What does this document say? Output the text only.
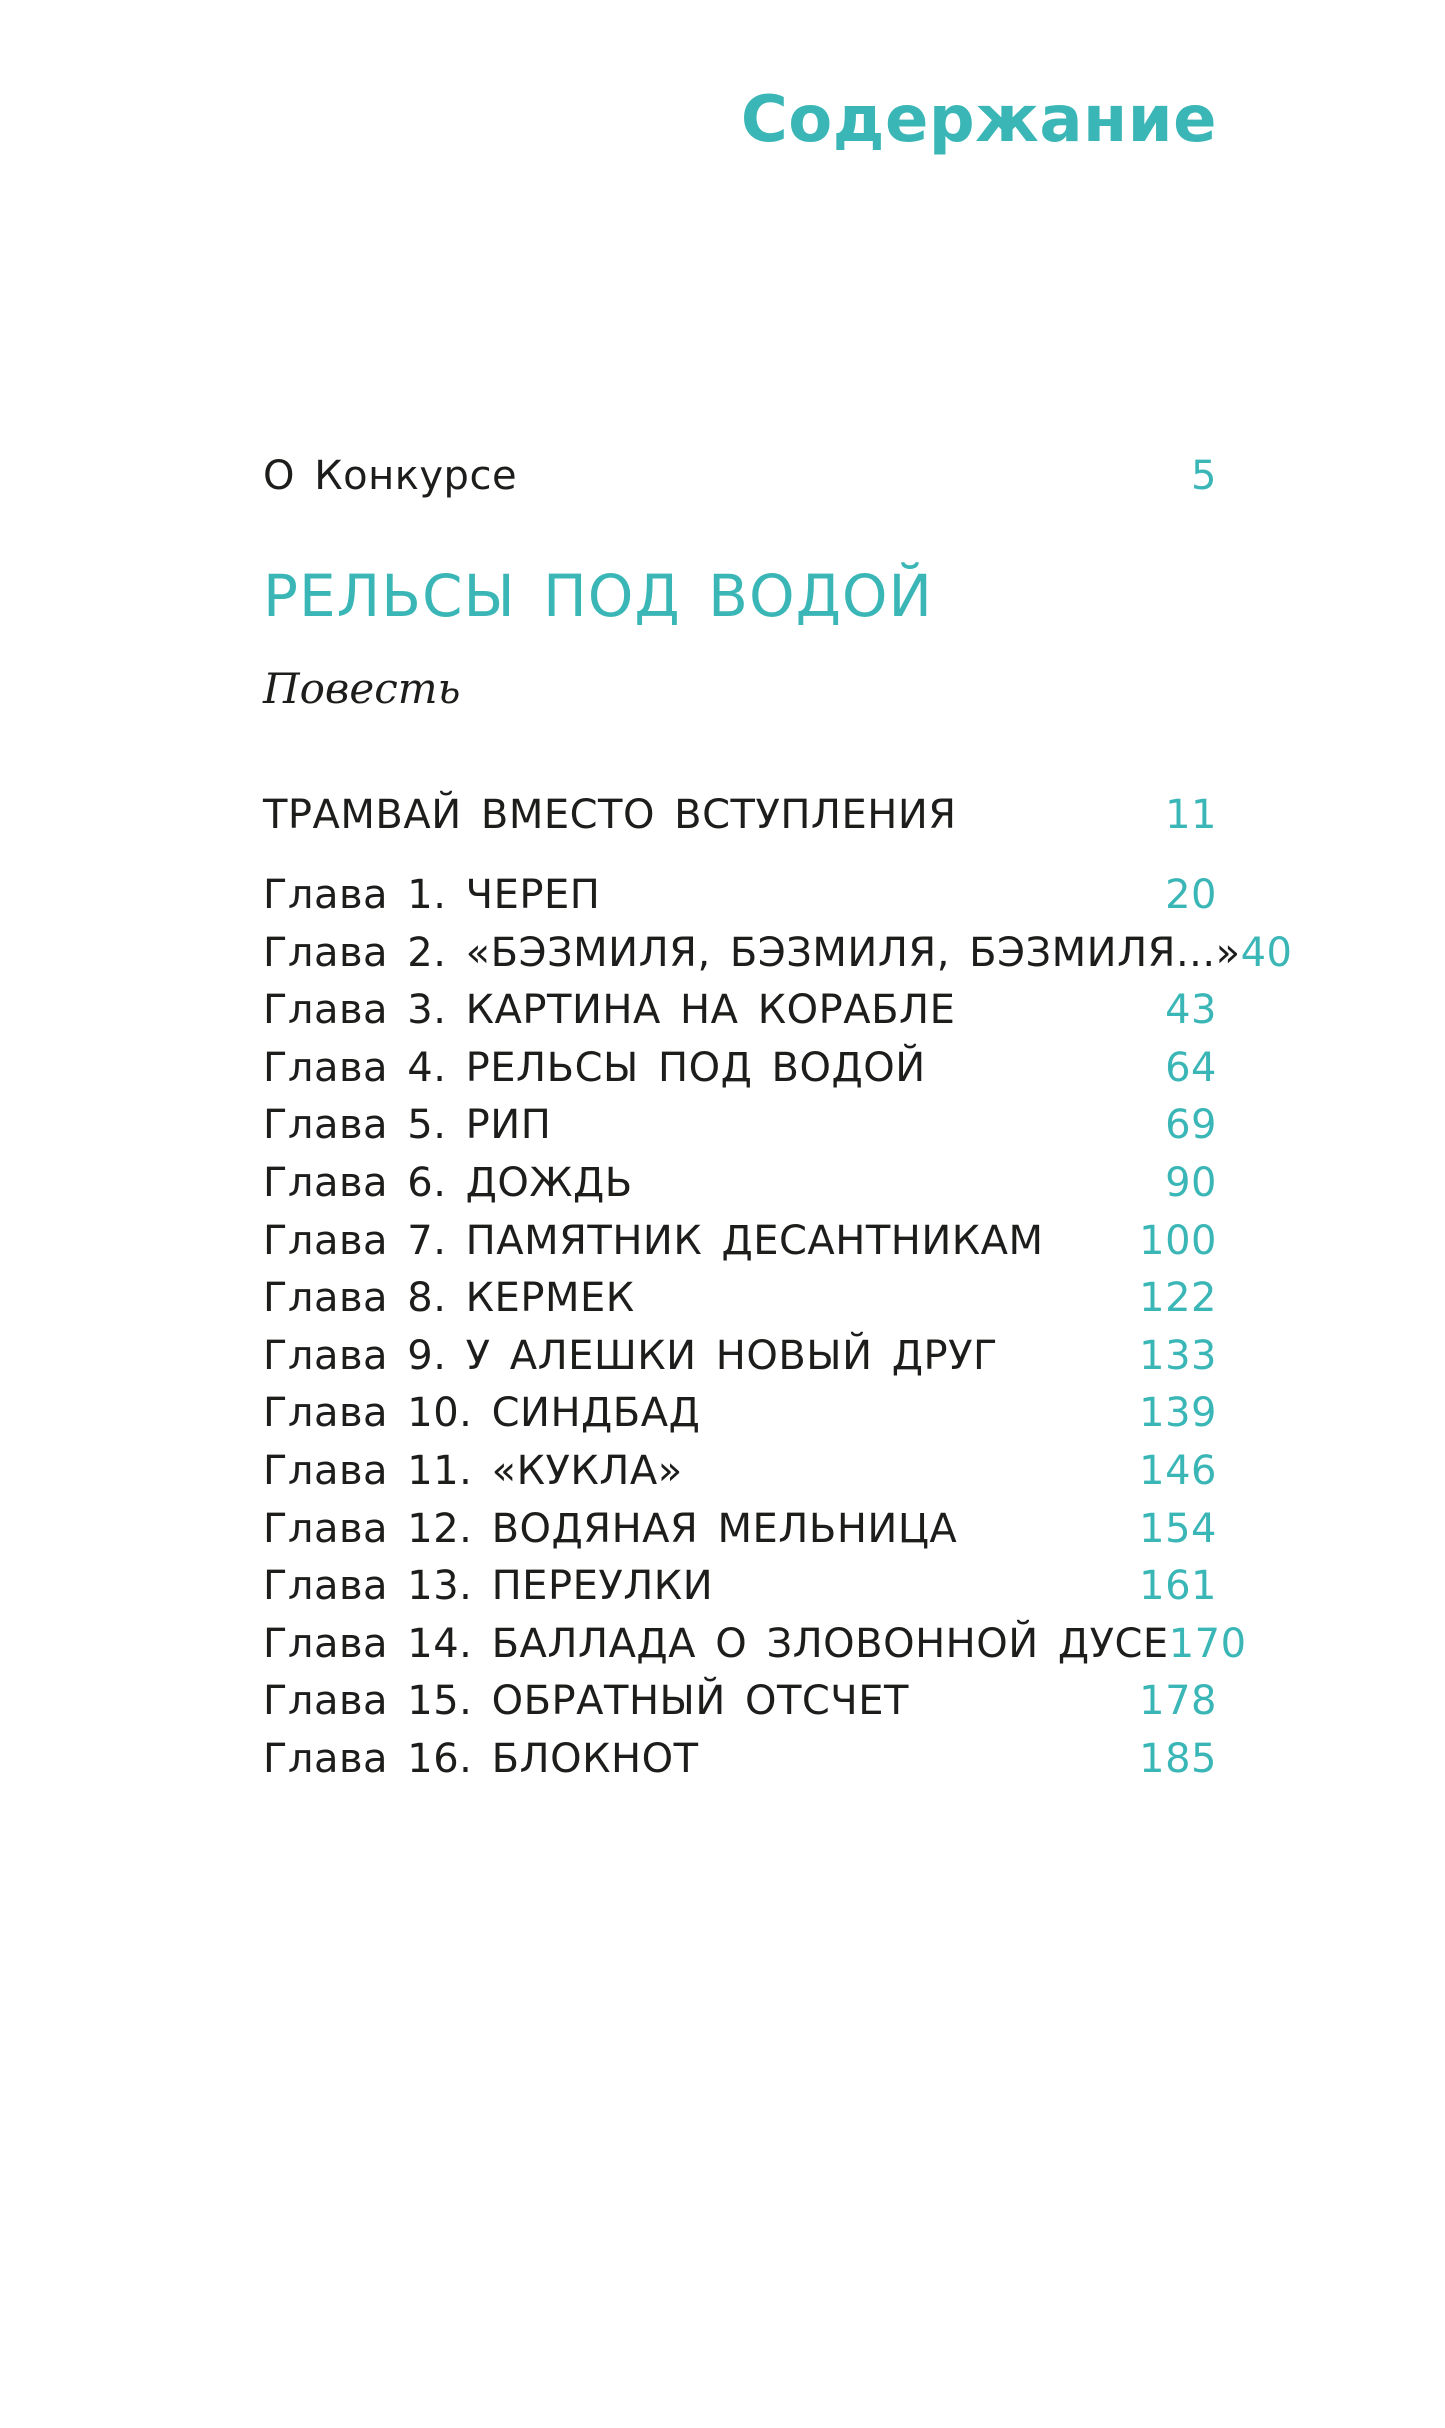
Содержание
О Конкурсе	5
РЕЛЬСЫ ПОД ВОДОЙ
Повесть
ТРАМВАЙ ВМЕСТО ВСТУПЛЕНИЯ	11
Глава 1. ЧЕРЕП	20
Глава 2. «БЭЗМИЛЯ, БЭЗМИЛЯ, БЭЗМИЛЯ...» 40
Глава 3. КАРТИНА НА КОРАБЛЕ	43
Глава 4. РЕЛЬСЫ ПОД ВОДОЙ	64
Глава 5. РИП	69
Глава 6. ДОЖДЬ	90
Глава 7. ПАМЯТНИК ДЕСАНТНИКАМ 100
Глава 8. КЕРМЕК	122
Глава 9. У АЛЕШКИ НОВЫЙ ДРУГ	133
Глава 10. СИНДБАД	139
Глава 11. «КУКЛА»	146
Глава 12. ВОДЯНАЯ МЕЛЬНИЦА	154
Глава 13. ПЕРЕУЛКИ	161
Глава 14. БАЛЛАДА О ЗЛОВОННОЙ ДУСЕ 170
Глава 15. ОБРАТНЫЙ ОТСЧЕТ	178
Глава 16. БЛОКНОТ	185
